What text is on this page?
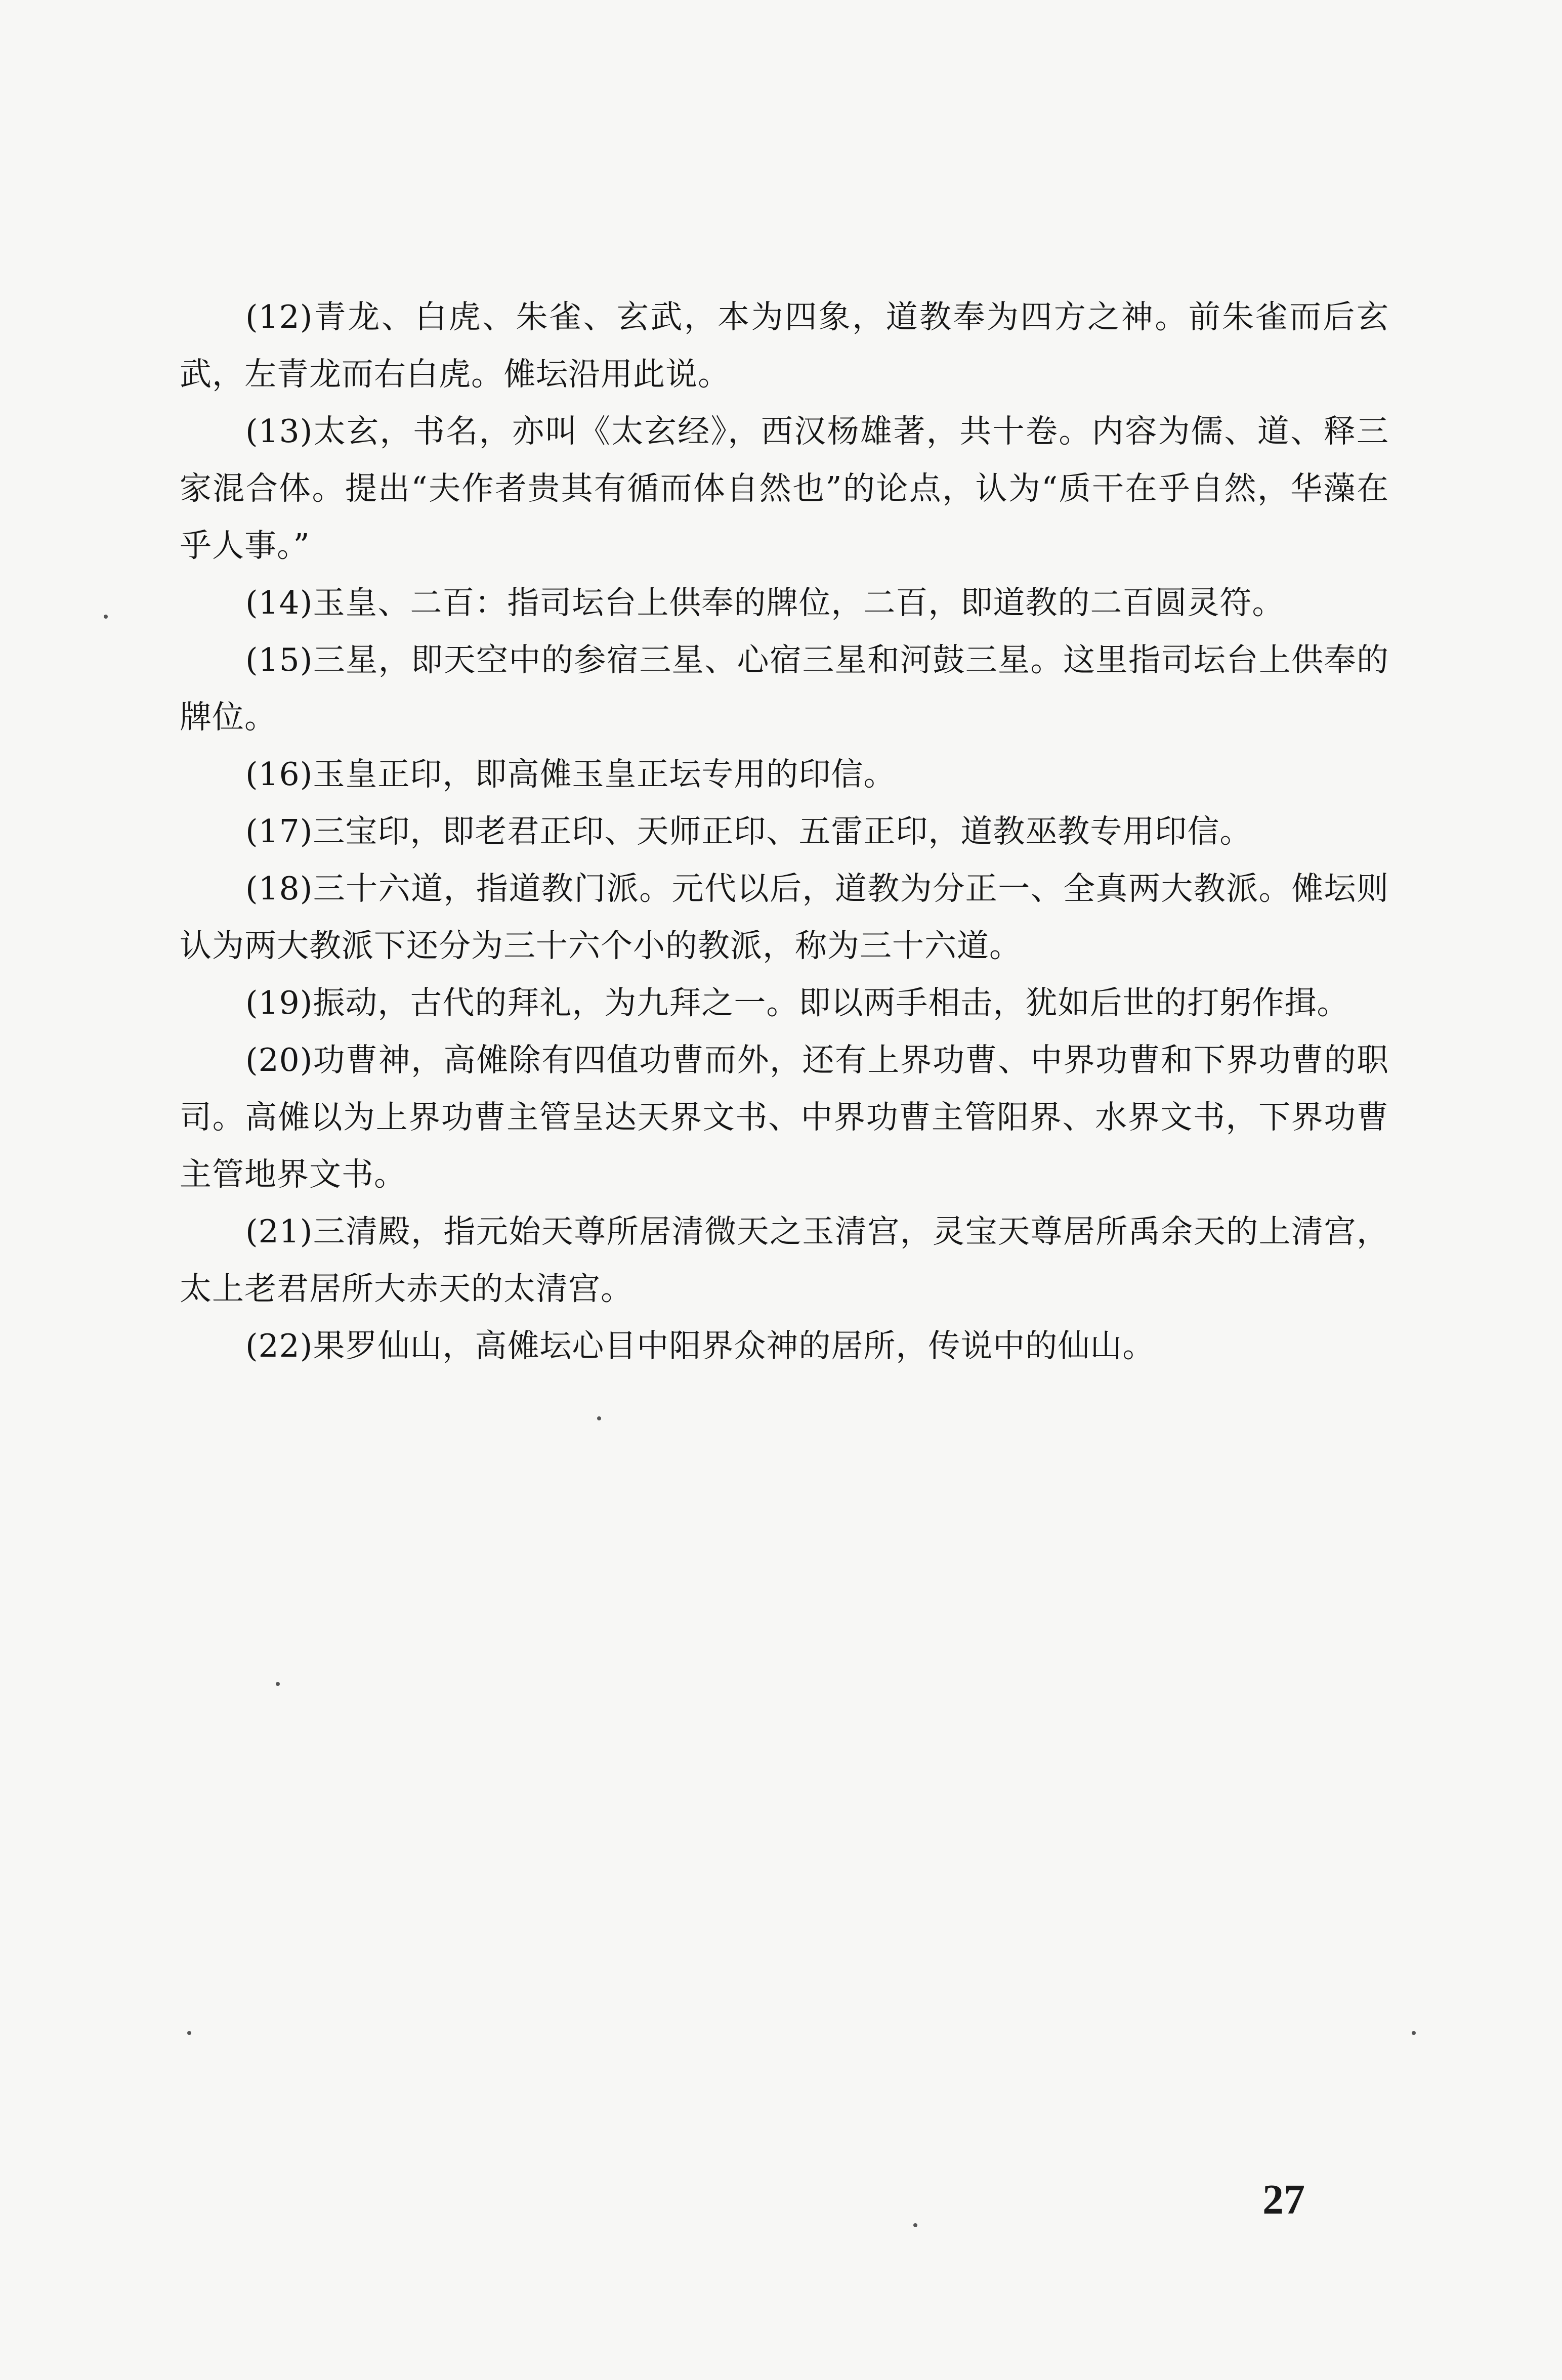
(12)青龙、白虎、朱雀、玄武，本为四象，道教奉为四方之神。前朱雀而后玄武，左青龙而右白虎。傩坛沿用此说。

(13)太玄，书名，亦叫《太玄经》，西汉杨雄著，共十卷。内容为儒、道、释三家混合体。提出“夫作者贵其有循而体自然也”的论点，认为“质干在乎自然，华藻在乎人事。”

(14)玉皇、二百：指司坛台上供奉的牌位，二百，即道教的二百圆灵符。

(15)三星，即天空中的参宿三星、心宿三星和河鼓三星。这里指司坛台上供奉的牌位。

(16)玉皇正印，即高傩玉皇正坛专用的印信。

(17)三宝印，即老君正印、天师正印、五雷正印，道教巫教专用印信。

(18)三十六道，指道教门派。元代以后，道教为分正一、全真两大教派。傩坛则认为两大教派下还分为三十六个小的教派，称为三十六道。

(19)振动，古代的拜礼，为九拜之一。即以两手相击，犹如后世的打躬作揖。

(20)功曹神，高傩除有四值功曹而外，还有上界功曹、中界功曹和下界功曹的职司。高傩以为上界功曹主管呈达天界文书、中界功曹主管阳界、水界文书，下界功曹主管地界文书。

(21)三清殿，指元始天尊所居清微天之玉清宫，灵宝天尊居所禹余天的上清宫，太上老君居所大赤天的太清宫。

(22)果罗仙山，高傩坛心目中阳界众神的居所，传说中的仙山。

27
